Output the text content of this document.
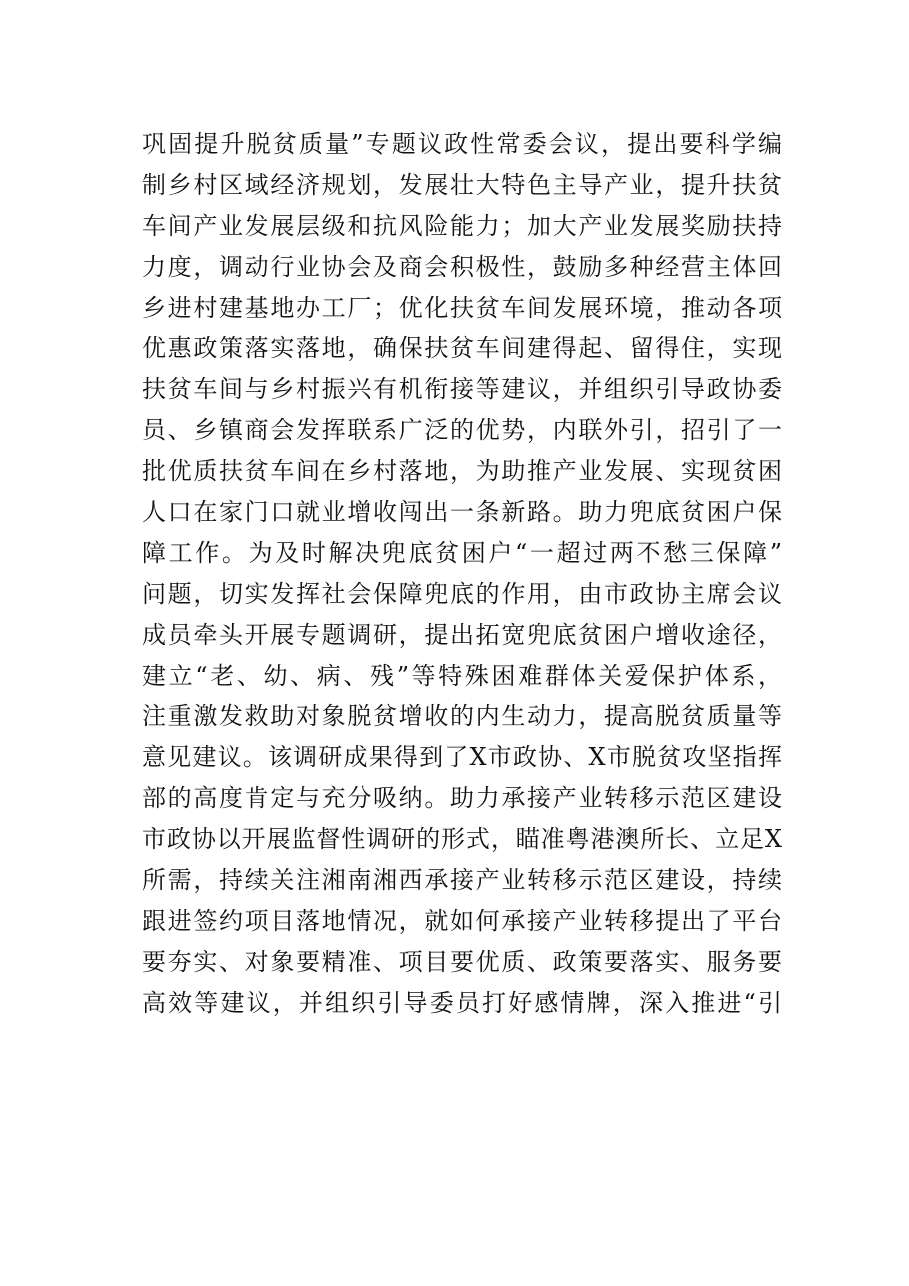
巩固提升脱贫质量”专题议政性常委会议，提出要科学编
制乡村区域经济规划，发展壮大特色主导产业，提升扶贫
车间产业发展层级和抗风险能力；加大产业发展奖励扶持
力度，调动行业协会及商会积极性，鼓励多种经营主体回
乡进村建基地办工厂；优化扶贫车间发展环境，推动各项
优惠政策落实落地，确保扶贫车间建得起、留得住，实现
扶贫车间与乡村振兴有机衔接等建议，并组织引导政协委
员、乡镇商会发挥联系广泛的优势，内联外引，招引了一
批优质扶贫车间在乡村落地，为助推产业发展、实现贫困
人口在家门口就业增收闯出一条新路。助力兜底贫困户保
障工作。为及时解决兜底贫困户“一超过两不愁三保障”
问题，切实发挥社会保障兜底的作用，由市政协主席会议
成员牵头开展专题调研，提出拓宽兜底贫困户增收途径，
建立“老、幼、病、残”等特殊困难群体关爱保护体系，
注重激发救助对象脱贫增收的内生动力，提高脱贫质量等
意见建议。该调研成果得到了X市政协、X市脱贫攻坚指挥
部的高度肯定与充分吸纳。助力承接产业转移示范区建设
市政协以开展监督性调研的形式，瞄准粤港澳所长、立足X
所需，持续关注湘南湘西承接产业转移示范区建设，持续
跟进签约项目落地情况，就如何承接产业转移提出了平台
要夯实、对象要精准、项目要优质、政策要落实、服务要
高效等建议，并组织引导委员打好感情牌，深入推进“引
